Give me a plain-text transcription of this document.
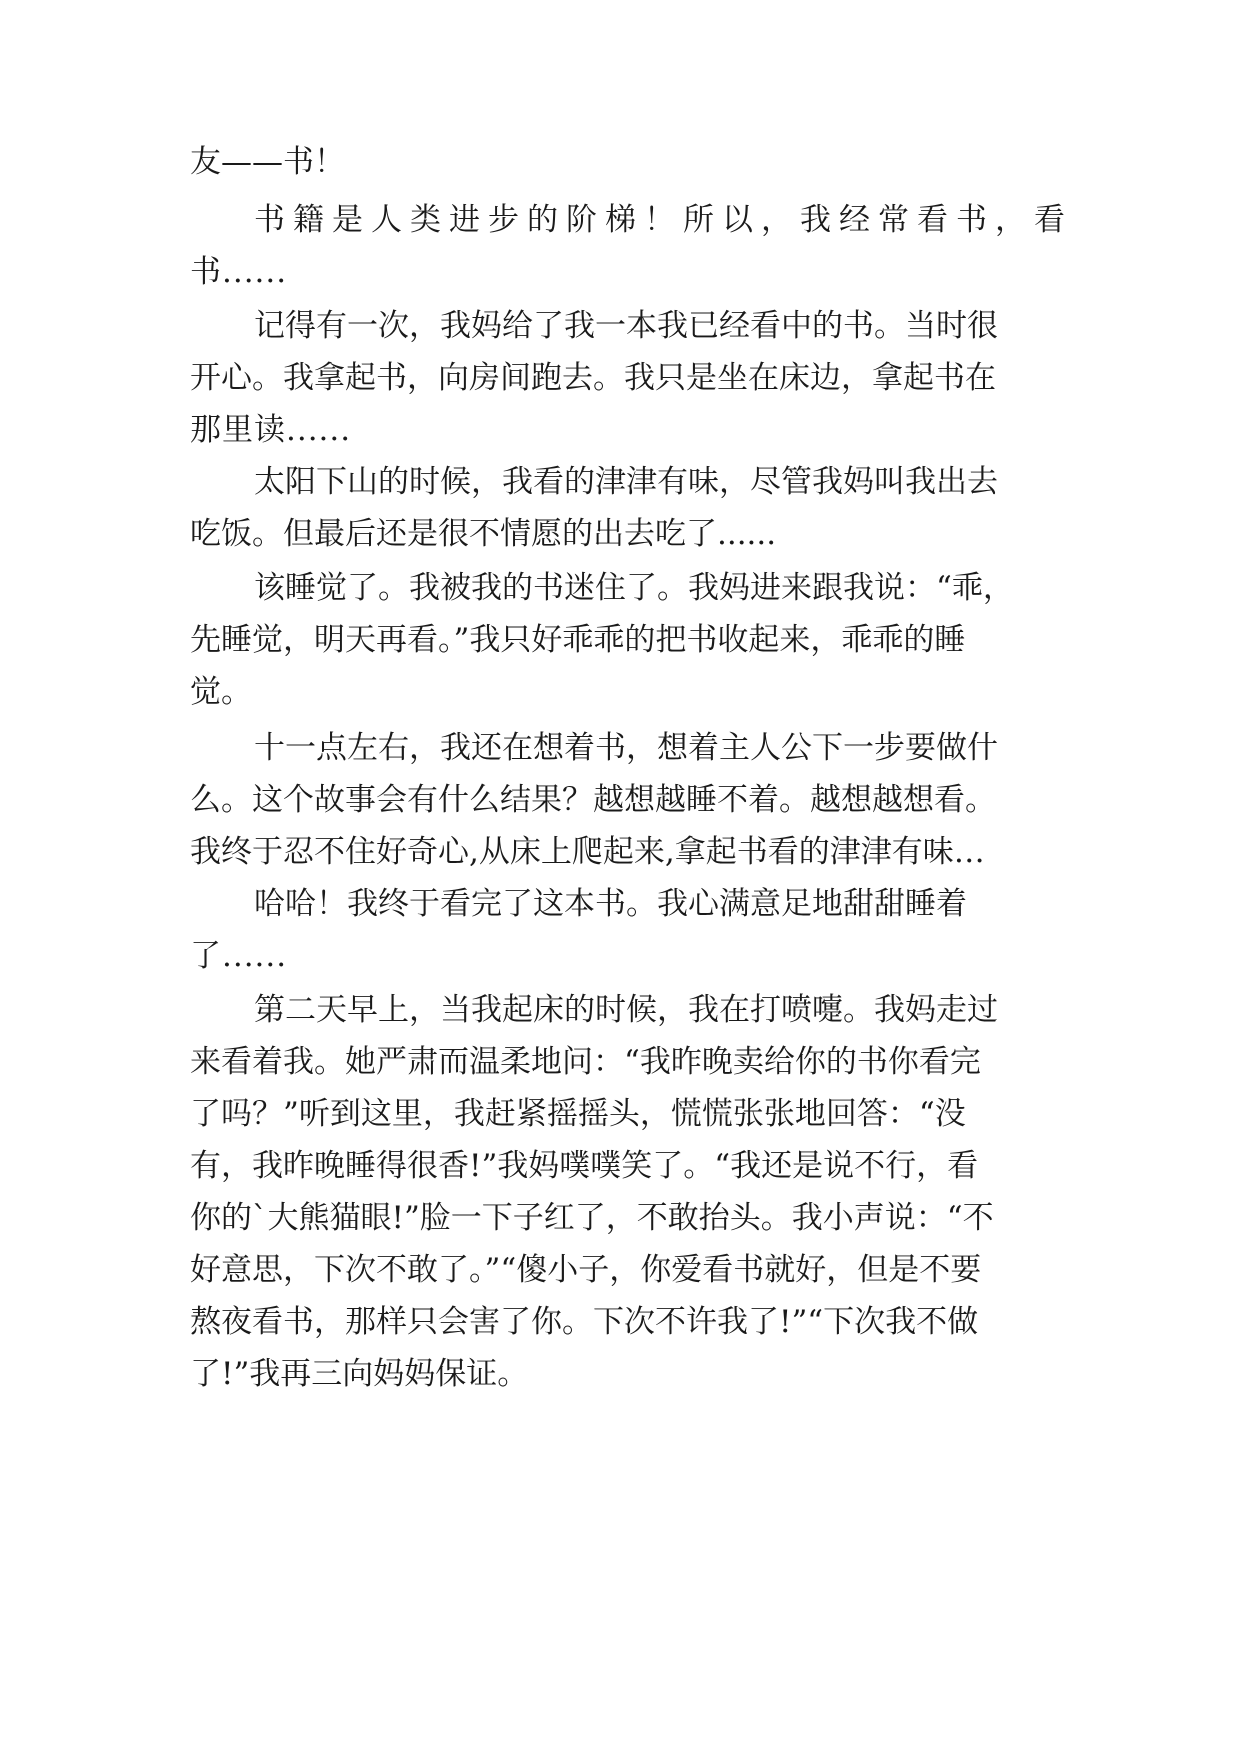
友——书！
书籍是人类进步的阶梯！所以，我经常看书，看
书......
记得有一次，我妈给了我一本我已经看中的书。当时很
开心。我拿起书，向房间跑去。我只是坐在床边，拿起书在
那里读......
太阳下山的时候，我看的津津有味，尽管我妈叫我出去
吃饭。但最后还是很不情愿的出去吃了......
该睡觉了。我被我的书迷住了。我妈进来跟我说：“乖，
先睡觉，明天再看。”我只好乖乖的把书收起来，乖乖的睡
觉。
十一点左右，我还在想着书，想着主人公下一步要做什
么。这个故事会有什么结果？越想越睡不着。越想越想看。
我终于忍不住好奇心,从床上爬起来,拿起书看的津津有味…
哈哈！我终于看完了这本书。我心满意足地甜甜睡着
了......
第二天早上，当我起床的时候，我在打喷嚏。我妈走过
来看着我。她严肃而温柔地问：“我昨晚卖给你的书你看完
了吗？”听到这里，我赶紧摇摇头，慌慌张张地回答：“没
有，我昨晚睡得很香!”我妈噗噗笑了。“我还是说不行，看
你的`大熊猫眼!”脸一下子红了，不敢抬头。我小声说：“不
好意思，下次不敢了。”“傻小子，你爱看书就好，但是不要
熬夜看书，那样只会害了你。下次不许我了!”“下次我不做
了!”我再三向妈妈保证。
